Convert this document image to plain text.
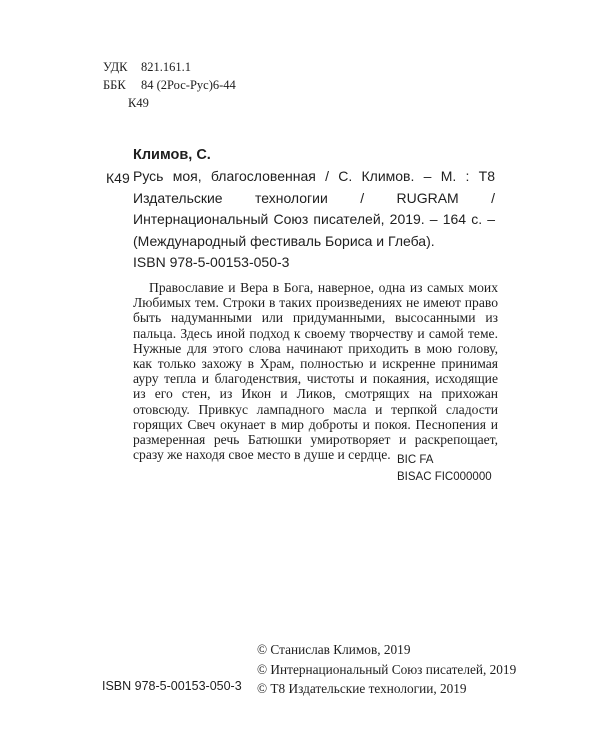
УДК 821.161.1
ББК 84 (2Рос-Рус)6-44
К49
Климов, С.
К49 Русь моя, благословенная / С. Климов. – М. : Т8 Издательские технологии / RUGRAM / Интернациональный Союз писателей, 2019. – 164 с. – (Международный фестиваль Бориса и Глеба).
ISBN 978-5-00153-050-3
Православие и Вера в Бога, наверное, одна из самых моих Любимых тем. Строки в таких произведениях не имеют право быть надуманными или придуманными, высосанными из пальца. Здесь иной подход к своему творчеству и самой теме. Нужные для этого слова начинают приходить в мою голову, как только захожу в Храм, полностью и искренне принимая ауру тепла и благоденствия, чистоты и покаяния, исходящие из его стен, из Икон и Ликов, смотрящих на прихожан отовсюду. Привкус лампадного масла и терпкой сладости горящих Свеч окунает в мир доброты и покоя. Песнопения и размеренная речь Батюшки умиротворяет и раскрепощает, сразу же находя свое место в душе и сердце. BIC FA
BISAC FIC000000
© Станислав Климов, 2019
© Интернациональный Союз писателей, 2019
© Т8 Издательские технологии, 2019
ISBN 978-5-00153-050-3
